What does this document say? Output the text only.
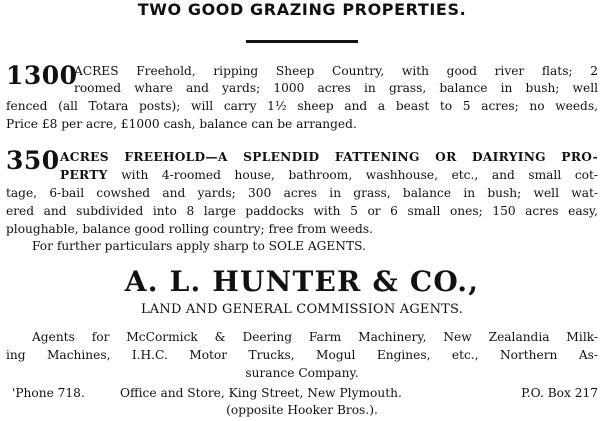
TWO GOOD GRAZING PROPERTIES.
1300
ACRES Freehold, ripping Sheep Country, with good river flats; 2
roomed whare and yards; 1000 acres in grass, balance in bush; well
fenced (all Totara posts); will carry 1½ sheep and a beast to 5 acres; no weeds,
Price £8 per acre, £1000 cash, balance can be arranged.
350 ACRES FREEHOLD—A SPLENDID FATTENING OR DAIRYING PRO-
PERTY with 4-roomed house, bathroom, washhouse, etc., and small cot-
tage, 6-bail cowshed and yards; 300 acres in grass, balance in bush; well wat-
ered and subdivided into 8 large paddocks with 5 or 6 small ones; 150 acres easy,
ploughable, balance good rolling country; free from weeds.
For further particulars apply sharp to SOLE AGENTS.
A. L. HUNTER & CO.,
LAND AND GENERAL COMMISSION AGENTS.
Agents for McCormick & Deering Farm Machinery, New Zealandia Milk-
ing Machines, I.H.C. Motor Trucks, Mogul Engines, etc., Northern As-
surance Company.
'Phone 718.	Office and Store, King Street, New Plymouth.	P.O. Box 217
(opposite Hooker Bros.).
